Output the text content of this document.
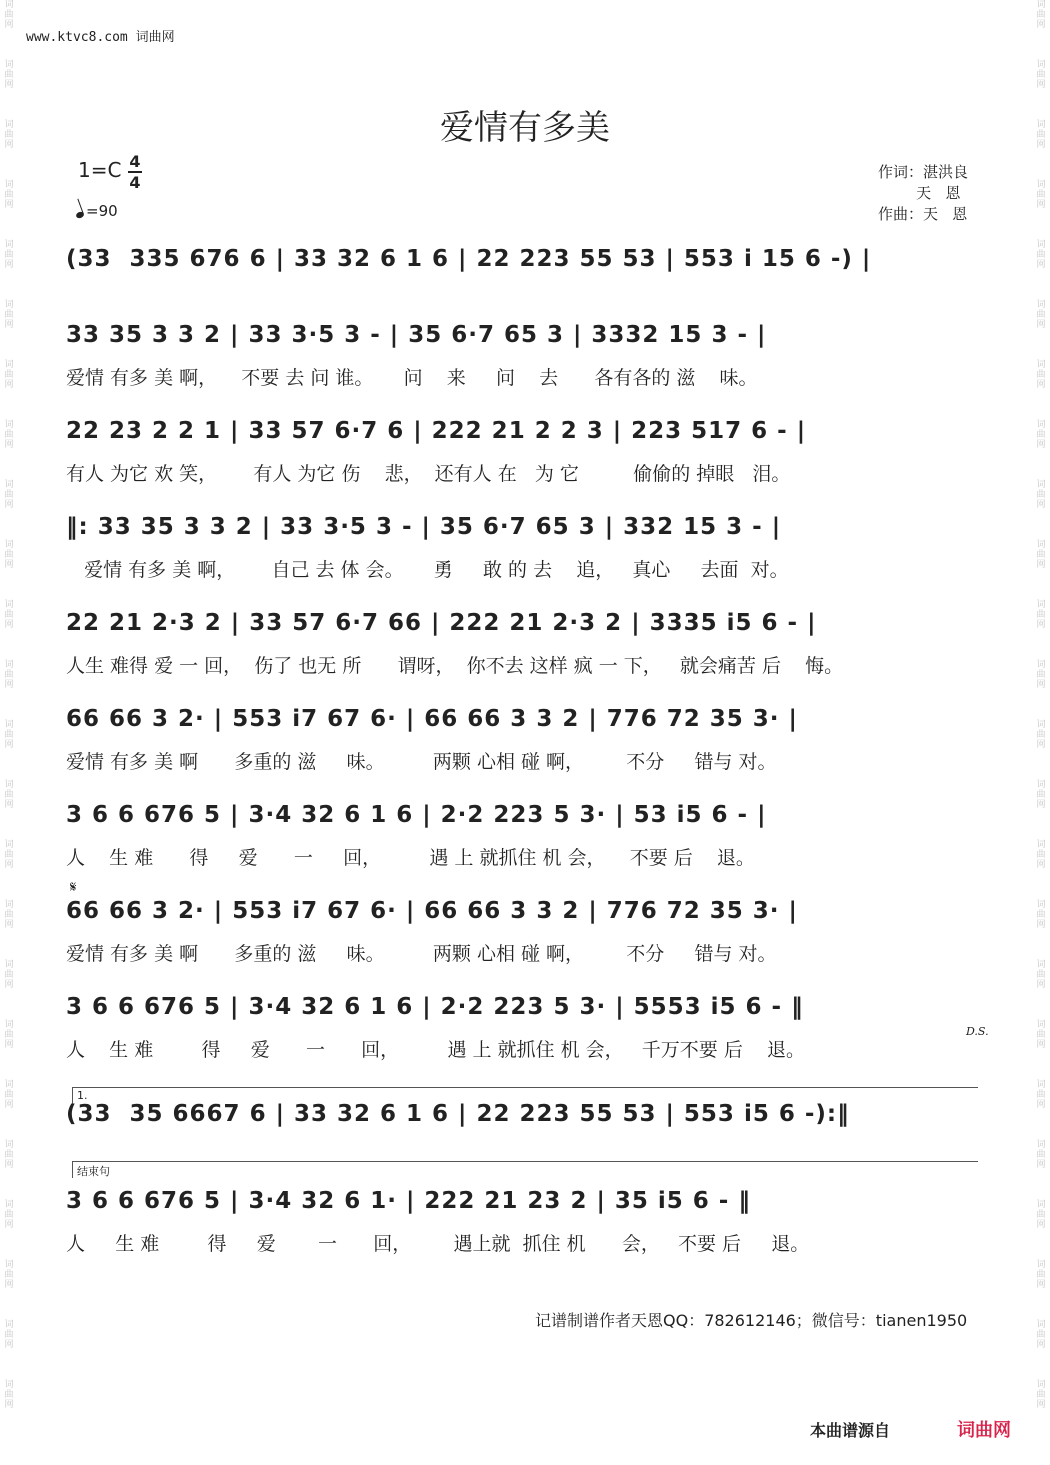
www.ktvc8.com 词曲网
词曲网
词曲网
词曲网
词曲网
词曲网
词曲网
词曲网
词曲网
词曲网
词曲网
词曲网
词曲网
词曲网
词曲网
词曲网
词曲网
词曲网
词曲网
词曲网
词曲网
词曲网
词曲网
词曲网
词曲网
词曲网
词曲网
词曲网
词曲网
词曲网
词曲网
词曲网
词曲网
词曲网
词曲网
词曲网
词曲网
词曲网
词曲网
词曲网
词曲网
词曲网
词曲网
词曲网
词曲网
词曲网
词曲网
词曲网
词曲网
爱情有多美
1=C 4
4
=90
作词：湛洪良
天   恩
作曲：天   恩
(33  335 676 6 | 33 32 6 1 6 | 22 223 55 53 | 553 i 15 6 -) |
33 35 3 3 2 | 33 3·5 3 - | 35 6·7 65 3 | 3332 15 3 - |
爱情 有多 美 啊，    不要 去 问 谁。     问    来     问    去      各有各的 滋    味。
22 23 2 2 1 | 33 57 6·7 6 | 222 21 2 2 3 | 223 517 6 - |
有人 为它 欢 笑，      有人 为它 伤    悲，  还有人 在   为 它         偷偷的 掉眼   泪。
‖: 33 35 3 3 2 | 33 3·5 3 - | 35 6·7 65 3 | 332 15 3 - |
爱情 有多 美 啊，      自己 去 体 会。     勇     敢 的 去    追，   真心     去面  对。
22 21 2·3 2 | 33 57 6·7 66 | 222 21 2·3 2 | 3335 i5 6 - |
人生 难得 爱 一 回，  伤了 也无 所      谓呀，  你不去 这样 疯 一 下，   就会痛苦 后    悔。
66 66 3 2· | 553 i7 67 6· | 66 66 3 3 2 | 776 72 35 3· |
爱情 有多 美 啊      多重的 滋     味。        两颗 心相 碰 啊，       不分     错与 对。
3 6 6 676 5 | 3·4 32 6 1 6 | 2·2 223 5 3· | 53 i5 6 - |
人    生 难      得     爱      一     回，        遇 上 就抓住 机 会，    不要 后    退。
𝄋
66 66 3 2· | 553 i7 67 6· | 66 66 3 3 2 | 776 72 35 3· |
爱情 有多 美 啊      多重的 滋     味。        两颗 心相 碰 啊，       不分     错与 对。
3 6 6 676 5 | 3·4 32 6 1 6 | 2·2 223 5 3· | 5553 i5 6 - ‖
人    生 难        得     爱      一      回，        遇 上 就抓住 机 会，   千万不要 后    退。
D.S.
1.
(33  35 6667 6 | 33 32 6 1 6 | 22 223 55 53 | 553 i5 6 -):‖
结束句
3 6 6 676 5 | 3·4 32 6 1· | 222 21 23 2 | 35 i5 6 - ‖
人     生 难        得     爱       一      回，       遇上就  抓住 机      会，   不要 后     退。
记谱制谱作者天恩QQ：782612146；微信号：tianen1950
本曲谱源自	词曲网
